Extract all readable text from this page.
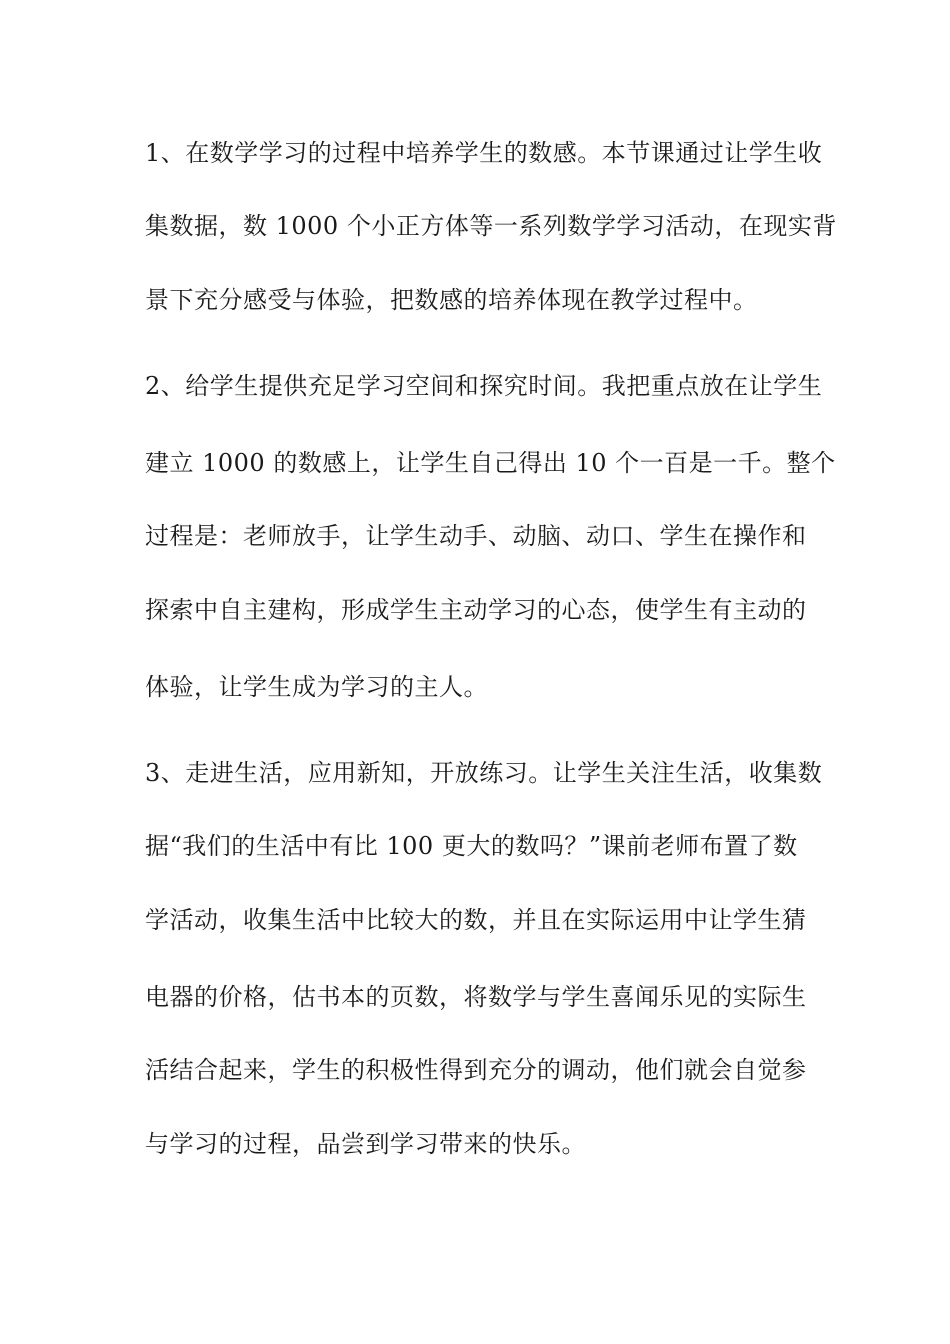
1、在数学学习的过程中培养学生的数感。本节课通过让学生收
集数据，数 1000 个小正方体等一系列数学学习活动，在现实背
景下充分感受与体验，把数感的培养体现在教学过程中。
2、给学生提供充足学习空间和探究时间。我把重点放在让学生
建立 1000 的数感上，让学生自己得出 10 个一百是一千。整个
过程是：老师放手，让学生动手、动脑、动口、学生在操作和
探索中自主建构，形成学生主动学习的心态，使学生有主动的
体验，让学生成为学习的主人。
3、走进生活，应用新知，开放练习。让学生关注生活，收集数
据“我们的生活中有比 100 更大的数吗？”课前老师布置了数
学活动，收集生活中比较大的数，并且在实际运用中让学生猜
电器的价格，估书本的页数，将数学与学生喜闻乐见的实际生
活结合起来，学生的积极性得到充分的调动，他们就会自觉参
与学习的过程，品尝到学习带来的快乐。
